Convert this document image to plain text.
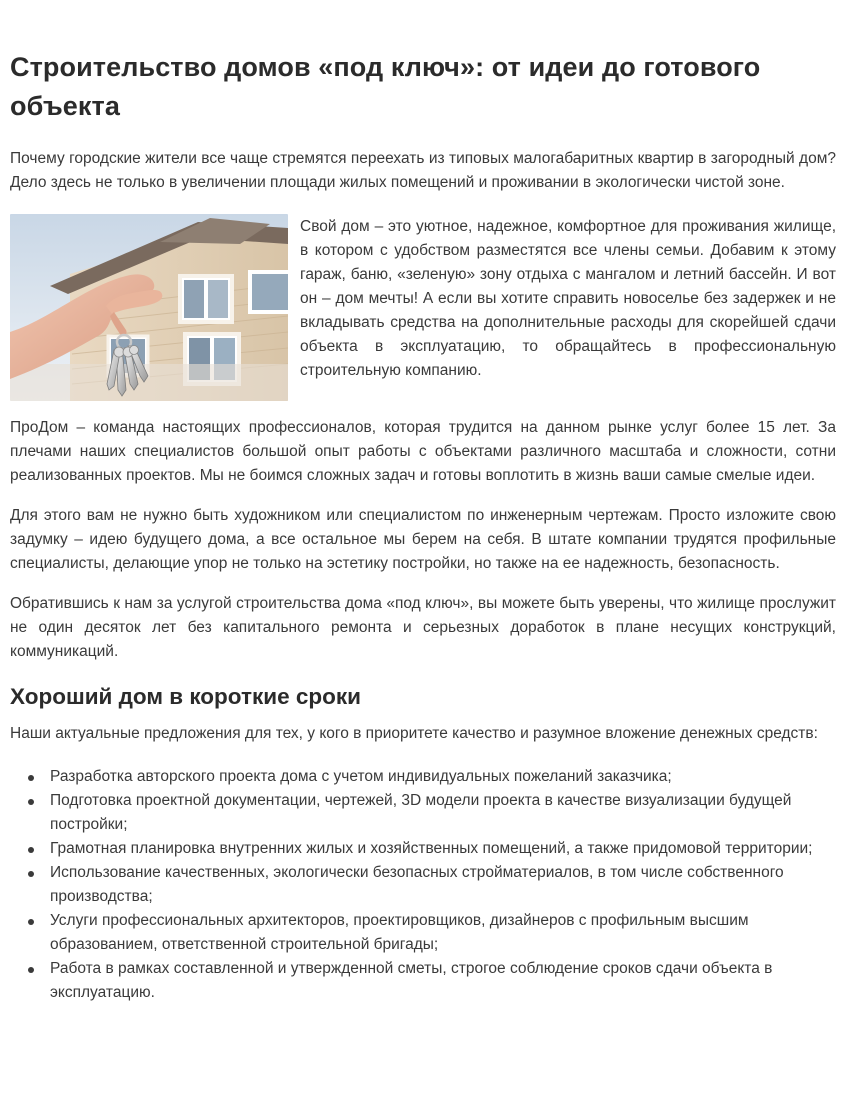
Строительство домов «под ключ»: от идеи до готового объекта

Почему городские жители все чаще стремятся переехать из типовых малогабаритных квартир в загородный дом? Дело здесь не только в увеличении площади жилых помещений и проживании в экологически чистой зоне.

Свой дом – это уютное, надежное, комфортное для проживания жилище, в котором с удобством разместятся все члены семьи. Добавим к этому гараж, баню, «зеленую» зону отдыха с мангалом и летний бассейн. И вот он – дом мечты! А если вы хотите справить новоселье без задержек и не вкладывать средства на дополнительные расходы для скорейшей сдачи объекта в эксплуатацию, то обращайтесь в профессиональную строительную компанию.

ПроДом – команда настоящих профессионалов, которая трудится на данном рынке услуг более 15 лет. За плечами наших специалистов большой опыт работы с объектами различного масштаба и сложности, сотни реализованных проектов. Мы не боимся сложных задач и готовы воплотить в жизнь ваши самые смелые идеи.

Для этого вам не нужно быть художником или специалистом по инженерным чертежам. Просто изложите свою задумку – идею будущего дома, а все остальное мы берем на себя. В штате компании трудятся профильные специалисты, делающие упор не только на эстетику постройки, но также на ее надежность, безопасность.

Обратившись к нам за услугой строительства дома «под ключ», вы можете быть уверены, что жилище прослужит не один десяток лет без капитального ремонта и серьезных доработок в плане несущих конструкций, коммуникаций.

Хороший дом в короткие сроки

Наши актуальные предложения для тех, у кого в приоритете качество и разумное вложение денежных средств:

Разработка авторского проекта дома с учетом индивидуальных пожеланий заказчика;
Подготовка проектной документации, чертежей, 3D модели проекта в качестве визуализации будущей постройки;
Грамотная планировка внутренних жилых и хозяйственных помещений, а также придомовой территории;
Использование качественных, экологически безопасных стройматериалов, в том числе собственного производства;
Услуги профессиональных архитекторов, проектировщиков, дизайнеров с профильным высшим образованием, ответственной строительной бригады;
Работа в рамках составленной и утвержденной сметы, строгое соблюдение сроков сдачи объекта в эксплуатацию.
